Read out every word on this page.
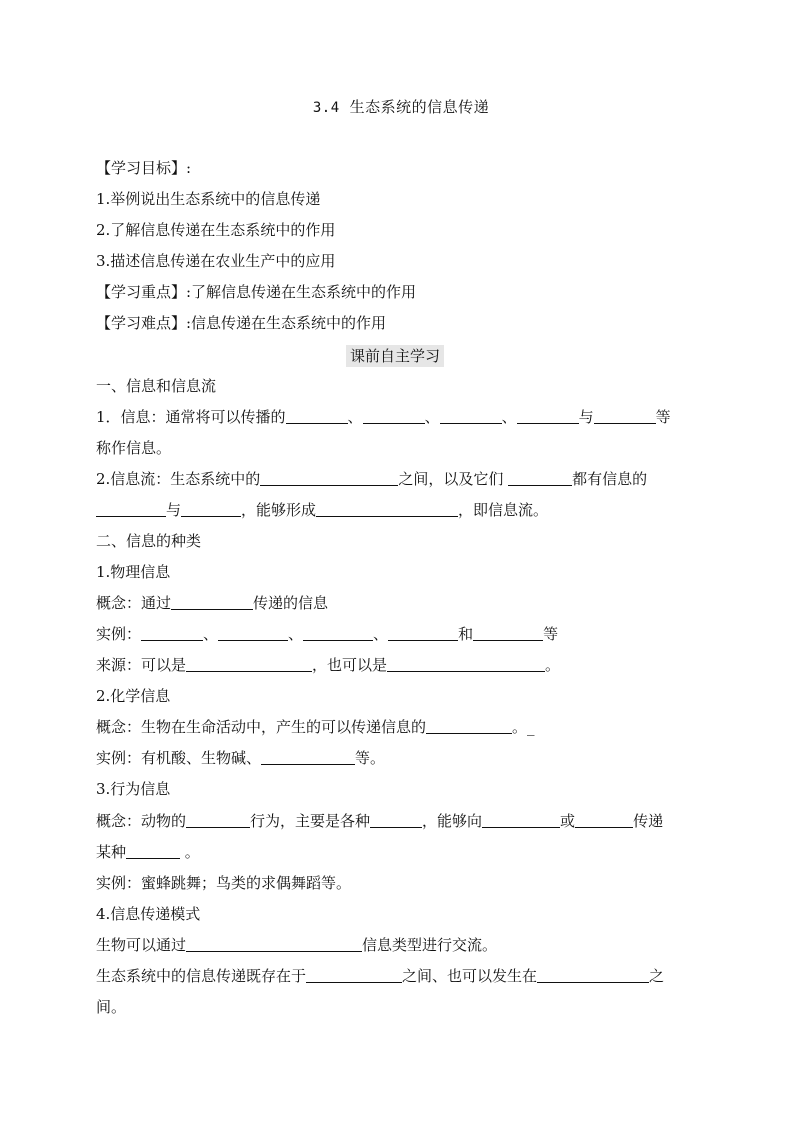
3.4 生态系统的信息传递
【学习目标】:
1.举例说出生态系统中的信息传递
2.了解信息传递在生态系统中的作用
3.描述信息传递在农业生产中的应用
【学习重点】:了解信息传递在生态系统中的作用
【学习难点】:信息传递在生态系统中的作用
课前自主学习
一、信息和信息流
1．信息：通常将可以传播的	、	、	、	与	等
称作信息。
2.信息流：生态系统中的	之间，以及它们	都有信息的
与	，能够形成	，即信息流。
二、信息的种类
1.物理信息
概念：通过	传递的信息
实例：	、	、	、	和	等
来源：可以是	，也可以是	。
2.化学信息
概念：生物在生命活动中，产生的可以传递信息的	。_
实例：有机酸、生物碱、	等。
3.行为信息
概念：动物的	行为，主要是各种	，能够向	或	传递
某种	。
实例：蜜蜂跳舞；鸟类的求偶舞蹈等。
4.信息传递模式
生物可以通过	信息类型进行交流。
生态系统中的信息传递既存在于	之间、也可以发生在	之
间。
